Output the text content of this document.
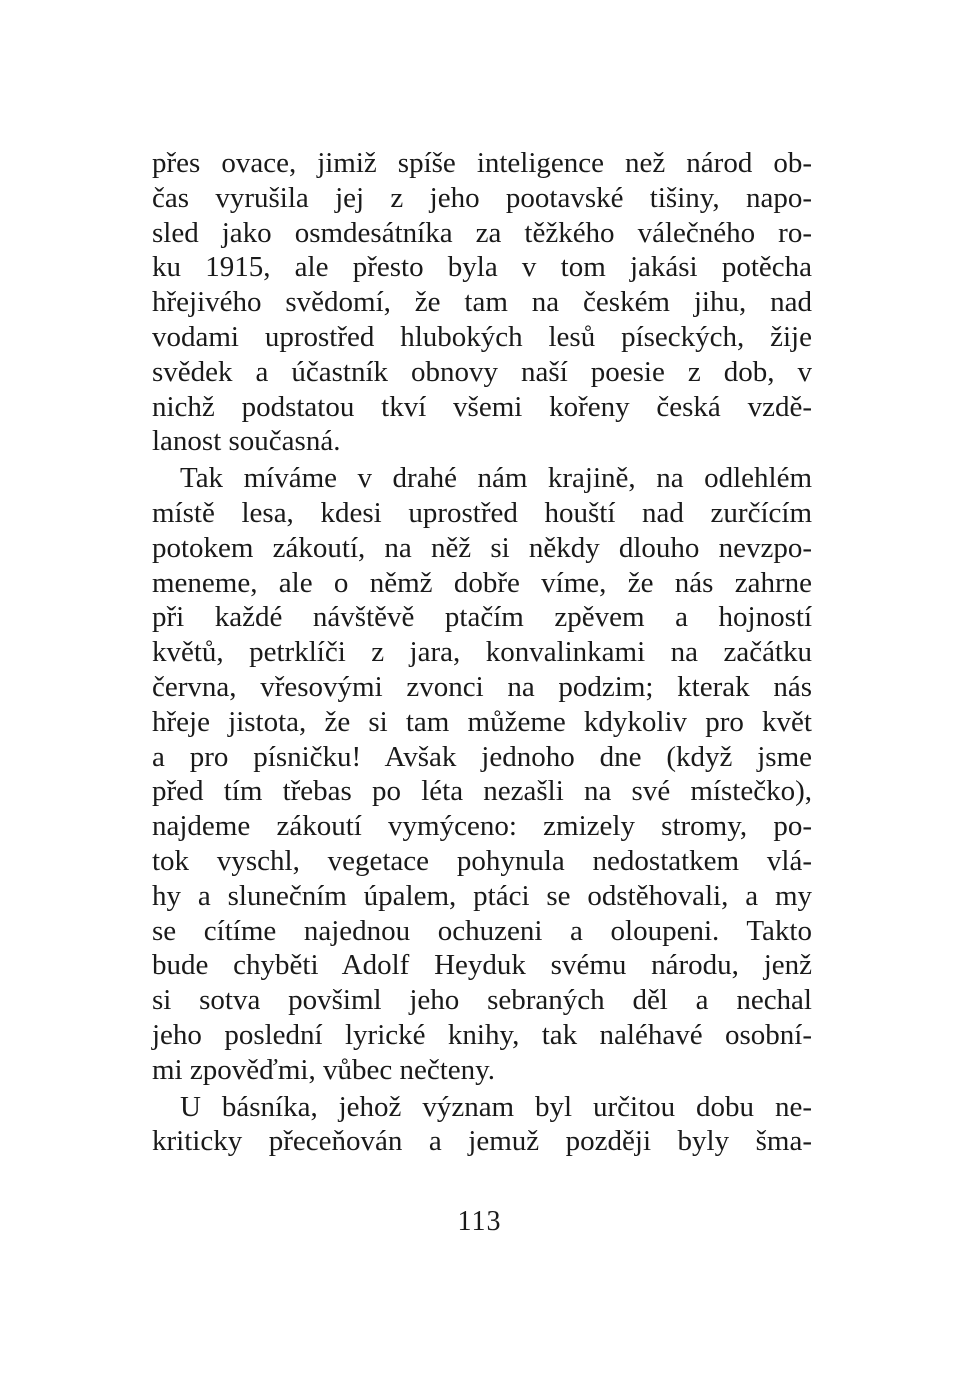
přes ovace, jimiž spíše inteligence než národ ob-
čas vyrušila jej z jeho pootavské tišiny, napo-
sled jako osmdesátníka za těžkého válečného ro-
ku 1915, ale přesto byla v tom jakási potěcha
hřejivého svědomí, že tam na českém jihu, nad
vodami uprostřed hlubokých lesů píseckých, žije
svědek a účastník obnovy naší poesie z dob, v
nichž podstatou tkví všemi kořeny česká vzdě-
lanost současná.
Tak míváme v drahé nám krajině, na odlehlém
místě lesa, kdesi uprostřed houští nad zurčícím
potokem zákoutí, na něž si někdy dlouho nevzpo-
meneme, ale o němž dobře víme, že nás zahrne
při každé návštěvě ptačím zpěvem a hojností
květů, petrklíči z jara, konvalinkami na začátku
června, vřesovými zvonci na podzim; kterak nás
hřeje jistota, že si tam můžeme kdykoliv pro květ
a pro písničku! Avšak jednoho dne (když jsme
před tím třebas po léta nezašli na své místečko),
najdeme zákoutí vymýceno: zmizely stromy, po-
tok vyschl, vegetace pohynula nedostatkem vlá-
hy a slunečním úpalem, ptáci se odstěhovali, a my
se cítíme najednou ochuzeni a oloupeni. Takto
bude chyběti Adolf Heyduk svému národu, jenž
si sotva povšiml jeho sebraných děl a nechal
jeho poslední lyrické knihy, tak naléhavé osobní-
mi zpověďmi, vůbec nečteny.
U básníka, jehož význam byl určitou dobu ne-
kriticky přeceňován a jemuž později byly šma-
113
